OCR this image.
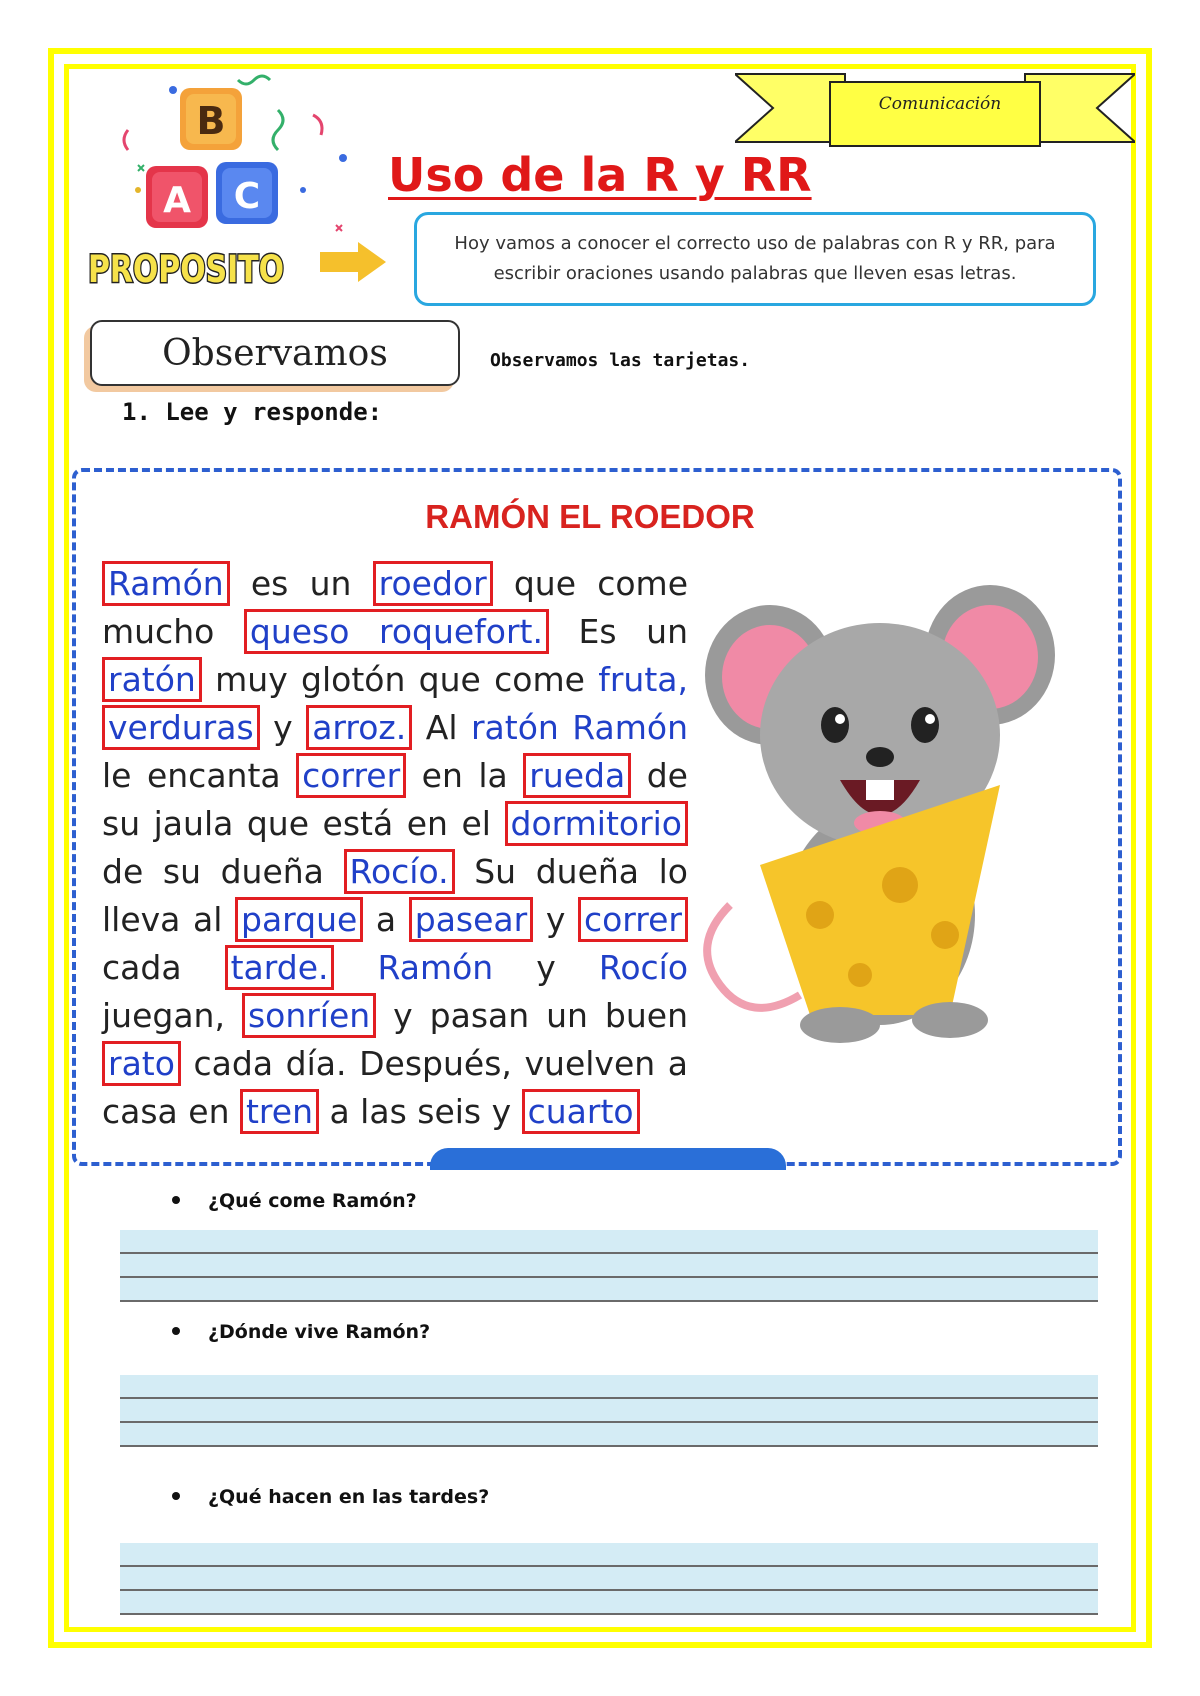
B
A C
PROPOSITO
Comunicación
Uso de la R y RR
Hoy vamos a conocer el correcto uso de palabras con R y RR, para escribir oraciones usando palabras que lleven esas letras.
Observamos	Observamos las tarjetas.
1. Lee y responde:
RAMÓN EL ROEDOR
Ramón es un roedor que come mucho queso roquefort. Es un ratón muy glotón que come fruta, verduras y arroz. Al ratón Ramón le encanta correr en la rueda de su jaula que está en el dormitorio de su dueña Rocío. Su dueña lo lleva al parque a pasear y correr cada tarde. Ramón y Rocío juegan, sonríen y pasan un buen rato cada día. Después, vuelven a casa en tren a las seis y cuarto
¿Qué come Ramón?
¿Dónde vive Ramón?
¿Qué hacen en las tardes?
